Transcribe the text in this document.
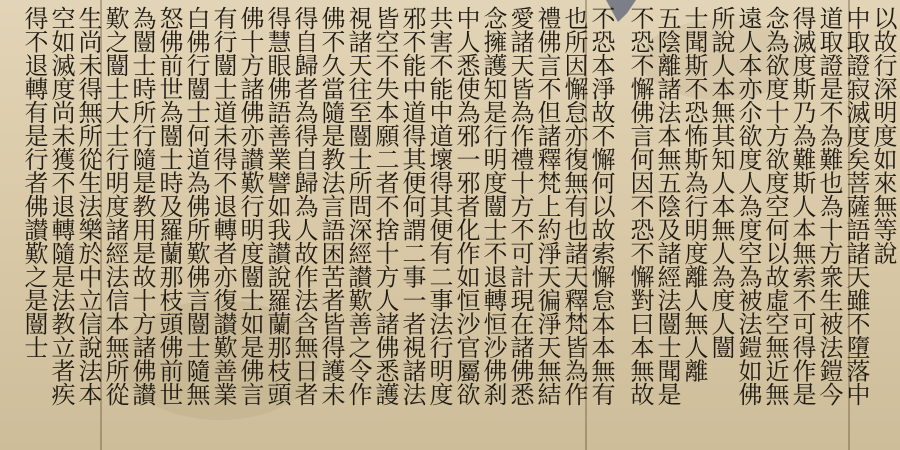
以故行深明度如來無等說
中取證寂滅度矣菩薩語諸天雖不墮落中
道取證是不為難也為十方衆生被法鎧今
得滅度斯乃為難斯人本無索不可得作是
念為欲度十方欲度空何以故虛空無近無
遠人本亦尒欲度人為度空為被法鎧如佛
所說人本無其知人本無人為度人闓
士聞斯不恐怖斯為行明度離人無人離
五陰離諸法本無五陰及諸經法闓士聞是
不恐不懈佛言何因不恐不懈對曰本無故
不恐本淨故不懈何以故索懈怠本本無有
也所因懈怠亦復無有也諸天釋梵皆為作
禮佛言不但諸釋梵上約淨天徧淨天無結
愛諸天皆為作禮十方不可計現在諸佛悉
念擁護知是行明度闓士不退轉恒沙佛刹
中人悉使為邪一邪者化作如恒沙官屬欲
共害不能中道壞得其便有二事法行明度
邪不能中道得其便何謂二事一者視諸法
皆空不失本願二者不捨十方人諸佛悉護
視諸天往至闓士所問深經讃歎善之令作
佛不久當隨是教法言語困苦者皆得護未
得自歸者為得自歸為人故作法含無日者
得慧眼佛語善業譬如我讃說羅蘭那枝頭
佛十方諸佛亦讃歎行明度闓士如是佛言
有行闓士道未得不退轉者亦復讃歎善業
白佛行闓士何道為佛所歎佛言闓士隨無
怒佛前世為闓士時及羅蘭那枝頭佛前世
為闓士時所行隨是教用是故十方諸佛讃
歎之闓士大士行明度諸經法信本無所從
生尚未得無所從生法樂於中立信說法本
空如滅度尚未獲不退轉隨是法教立者疾
得不退轉有是行者佛讃歎之是闓士
